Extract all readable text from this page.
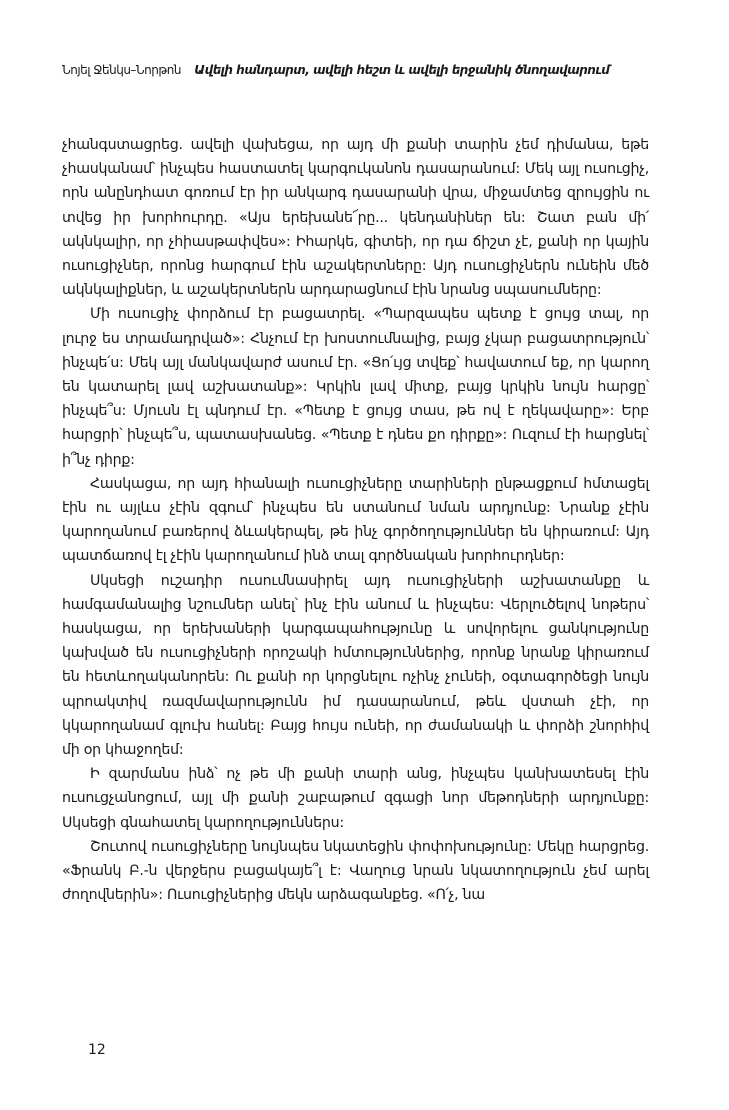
Նոյել Ջենկս–Նորթոն Ավելի հանդարտ, ավելի հեշտ և ավելի երջանիկ ծնողավարում

չհանգստացրեց. ավելի վախեցա, որ այդ մի քանի տարին չեմ դիմանա, եթե չհասկանամ՝ ինչպես հաստատել կարգուկանոն դասարանում: Մեկ այլ ուսուցիչ, որն անընդհատ գոռում էր իր անկարգ դասարանի վրա, միջամտեց զրույցին ու տվեց իր խորհուրդը. «Այս երեխանե՜րը... կենդանիներ են: Շատ բան մի՛ ակնկալիր, որ չհիասթափվես»: Իհարկե, գիտեի, որ դա ճիշտ չէ, քանի որ կային ուսուցիչներ, որոնց հարգում էին աշակերտները: Այդ ուսուցիչներն ունեին մեծ ակնկալիքներ, և աշակերտներն արդարացնում էին նրանց սպասումները:

Մի ուսուցիչ փորձում էր բացատրել. «Պարզապես պետք է ցույց տալ, որ լուրջ ես տրամադրված»: Հնչում էր խոստումնալից, բայց չկար բացատրություն՝ ինչպե՛ս: Մեկ այլ մանկավարժ ասում էր. «Ցո՛ւյց տվեք՝ հավատում եք, որ կարող են կատարել լավ աշխատանք»: Կրկին լավ միտք, բայց կրկին նույն հարցը՝ ինչպե՞ս: Մյուսն էլ պնդում էր. «Պետք է ցույց տաս, թե ով է ղեկավարը»: Երբ հարցրի՝ ինչպե՞ս, պատասխանեց. «Պետք է դնես քո դիրքը»: Ուզում էի հարցնել՝ ի՞նչ դիրք:

Հասկացա, որ այդ հիանալի ուսուցիչները տարիների ընթացքում հմտացել էին ու այլևս չէին զգում՝ ինչպես են ստանում նման արդյունք: Նրանք չէին կարողանում բառերով ձևակերպել, թե ինչ գործողություններ են կիրառում: Այդ պատճառով էլ չէին կարողանում ինձ տալ գործնական խորհուրդներ:

Սկսեցի ուշադիր ուսումնասիրել այդ ուսուցիչների աշխատանքը և համգամանալից նշումներ անել՝ ինչ էին անում և ինչպես: Վերլուծելով նոթերս՝ հասկացա, որ երեխաների կարգապահությունը և սովորելու ցանկությունը կախված են ուսուցիչների որոշակի հմտություններից, որոնք նրանք կիրառում են հետևողականորեն: Ու քանի որ կորցնելու ոչինչ չունեի, օգտագործեցի նույն պրոակտիվ ռազմավարությունն իմ դասարանում, թեև վստահ չէի, որ կկարողանամ գլուխ հանել: Բայց հույս ունեի, որ ժամանակի և փորձի շնորհիվ մի օր կհաջողեմ:

Ի զարմանս ինձ՝ ոչ թե մի քանի տարի անց, ինչպես կանխատեսել էին ուսուցչանոցում, այլ մի քանի շաբաթում զգացի նոր մեթոդների արդյունքը: Սկսեցի գնահատել կարողություններս:

Շուտով ուսուցիչները նույնպես նկատեցին փոփոխությունը: Մեկը հարցրեց. «Ֆրանկ Բ.-ն վերջերս բացակայե՞լ է: Վաղուց նրան նկատողություն չեմ արել ժողովներին»: Ուսուցիչներից մեկն արձագանքեց. «Ո՛չ, նա

12
